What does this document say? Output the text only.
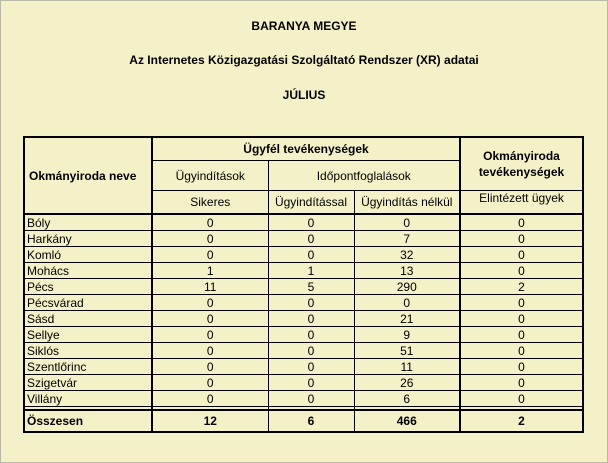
BARANYA MEGYE
Az Internetes Közigazgatási Szolgáltató Rendszer (XR) adatai
JÚLIUS
Okmányiroda neve	Ügyfél tevékenységek			Okmányiroda tevékenységek
	Ügyindítások	Időpontfoglalások		
	Sikeres	Ügyindítással	Ügyindítás nélkül	Elintézett ügyek
Bóly	0	0	0	0
Harkány	0	0	7	0
Komló	0	0	32	0
Mohács	1	1	13	0
Pécs	11	5	290	2
Pécsvárad	0	0	0	0
Sásd	0	0	21	0
Sellye	0	0	9	0
Siklós	0	0	51	0
Szentlőrinc	0	0	11	0
Szigetvár	0	0	26	0
Villány	0	0	6	0

Összesen	12	6	466	2
